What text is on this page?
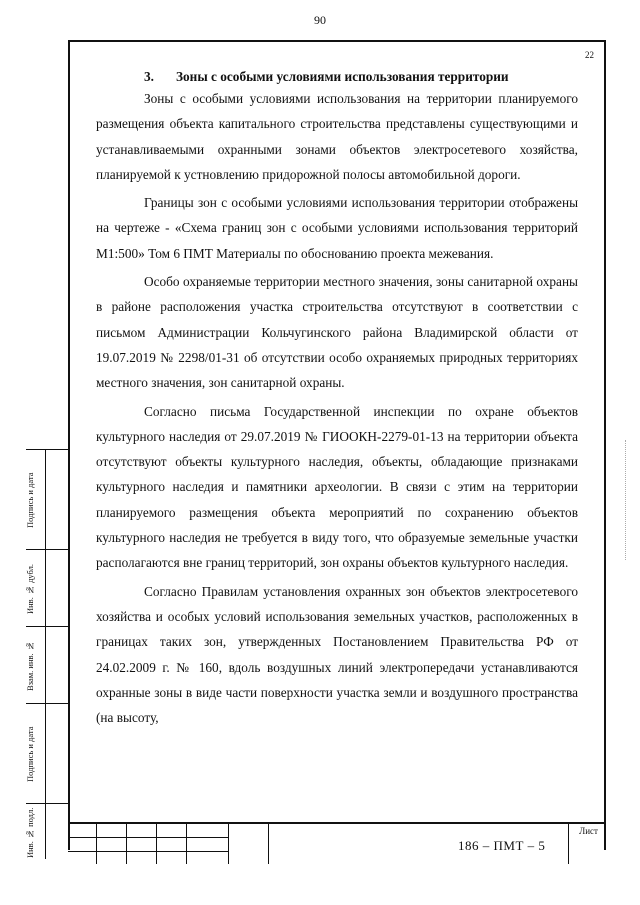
90
22

3. Зоны с особыми условиями использования территории

Зоны с особыми условиями использования на территории планируемого размещения объекта капитального строительства представлены существующими и устанавливаемыми охранными зонами объектов электросетевого хозяйства, планируемой к устновлению придорожной полосы автомобильной дороги.

Границы зон с особыми условиями использования территории отображены на чертеже - «Схема границ зон с особыми условиями использования территорий М1:500» Том 6 ПМТ Материалы по обоснованию проекта межевания.

Особо охраняемые территории местного значения, зоны санитарной охраны в районе расположения участка строительства отсутствуют в соответствии с письмом Администрации Кольчугинского района Владимирской области от 19.07.2019 № 2298/01-31 об отсутствии особо охраняемых природных территориях местного значения, зон санитарной охраны.

Согласно письма Государственной инспекции по охране объектов культурного наследия от 29.07.2019 № ГИООКН-2279-01-13 на территории объекта отсутствуют объекты культурного наследия, объекты, обладающие признаками культурного наследия и памятники археологии. В связи с этим на территории планируемого размещения объекта мероприятий по сохранению объектов культурного наследия не требуется в виду того, что образуемые земельные участки располагаются вне границ территорий, зон охраны объектов культурного наследия.

Согласно Правилам установления охранных зон объектов электросетевого хозяйства и особых условий использования земельных участков, расположенных в границах таких зон, утвержденных Постановлением Правительства РФ от 24.02.2009 г. № 160, вдоль воздушных линий электропередачи устанавливаются охранные зоны в виде части поверхности участка земли и воздушного пространства (на высоту,

Подпись и дата
Инв. № дубл.
Взам. инв. №
Подпись и дата
Инв. № подл.	Лист
186 – ПМТ – 5
